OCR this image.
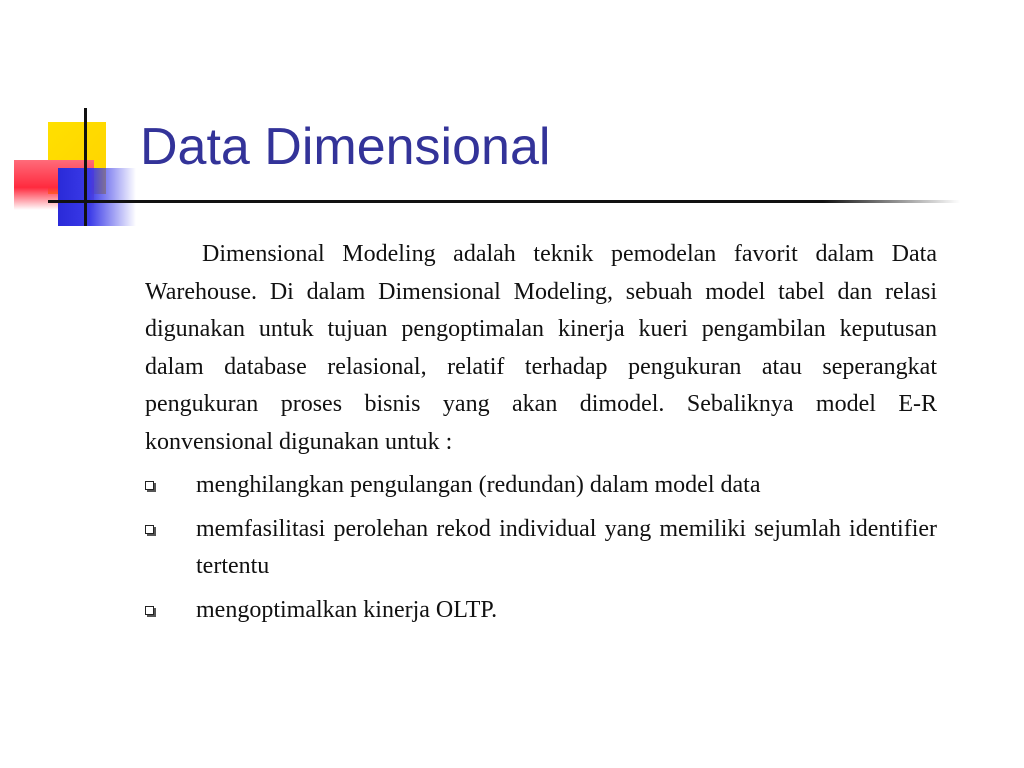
Data Dimensional

Dimensional Modeling adalah teknik pemodelan favorit dalam Data Warehouse. Di dalam Dimensional Modeling, sebuah model tabel dan relasi digunakan untuk tujuan pengoptimalan kinerja kueri pengambilan keputusan dalam database relasional, relatif terhadap pengukuran atau seperangkat pengukuran proses bisnis yang akan dimodel. Sebaliknya model E-R konvensional digunakan untuk :

menghilangkan pengulangan (redundan) dalam model data
memfasilitasi perolehan rekod individual yang memiliki sejumlah identifier tertentu
mengoptimalkan kinerja OLTP.
